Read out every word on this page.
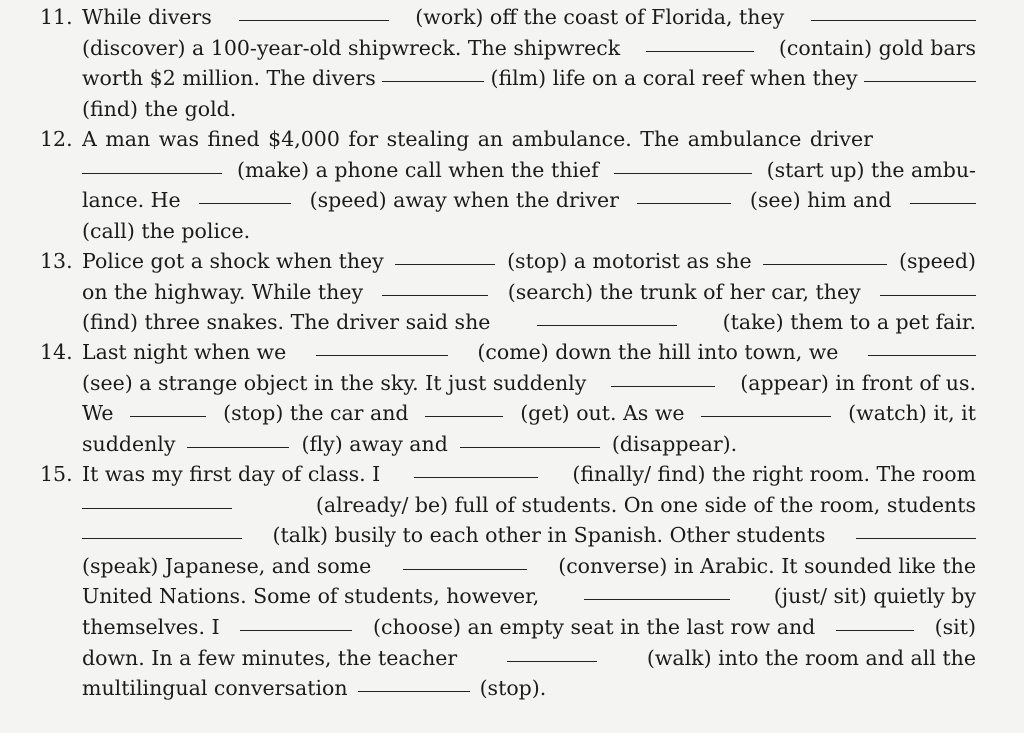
11. While divers	(work) off the coast of Florida, they
(discover) a 100-year-old shipwreck. The shipwreck	(contain) gold bars
worth $2 million. The divers	(film) life on a coral reef when they
(find) the gold.
12. A man was fined $4,000 for stealing an ambulance. The ambulance driver
(make) a phone call when the thief	(start up) the ambu-
lance. He	(speed) away when the driver	(see) him and
(call) the police.
13. Police got a shock when they	(stop) a motorist as she	(speed)
on the highway. While they	(search) the trunk of her car, they
(find) three snakes. The driver said she	(take) them to a pet fair.
14. Last night when we	(come) down the hill into town, we
(see) a strange object in the sky. It just suddenly	(appear) in front of us.
We	(stop) the car and	(get) out. As we	(watch) it, it
suddenly	(fly) away and	(disappear).
15. It was my first day of class. I	(finally/ find) the right room. The room
(already/ be) full of students. On one side of the room, students
(talk) busily to each other in Spanish. Other students
(speak) Japanese, and some	(converse) in Arabic. It sounded like the
United Nations. Some of students, however,	(just/ sit) quietly by
themselves. I	(choose) an empty seat in the last row and	(sit)
down. In a few minutes, the teacher	(walk) into the room and all the
multilingual conversation	(stop).
